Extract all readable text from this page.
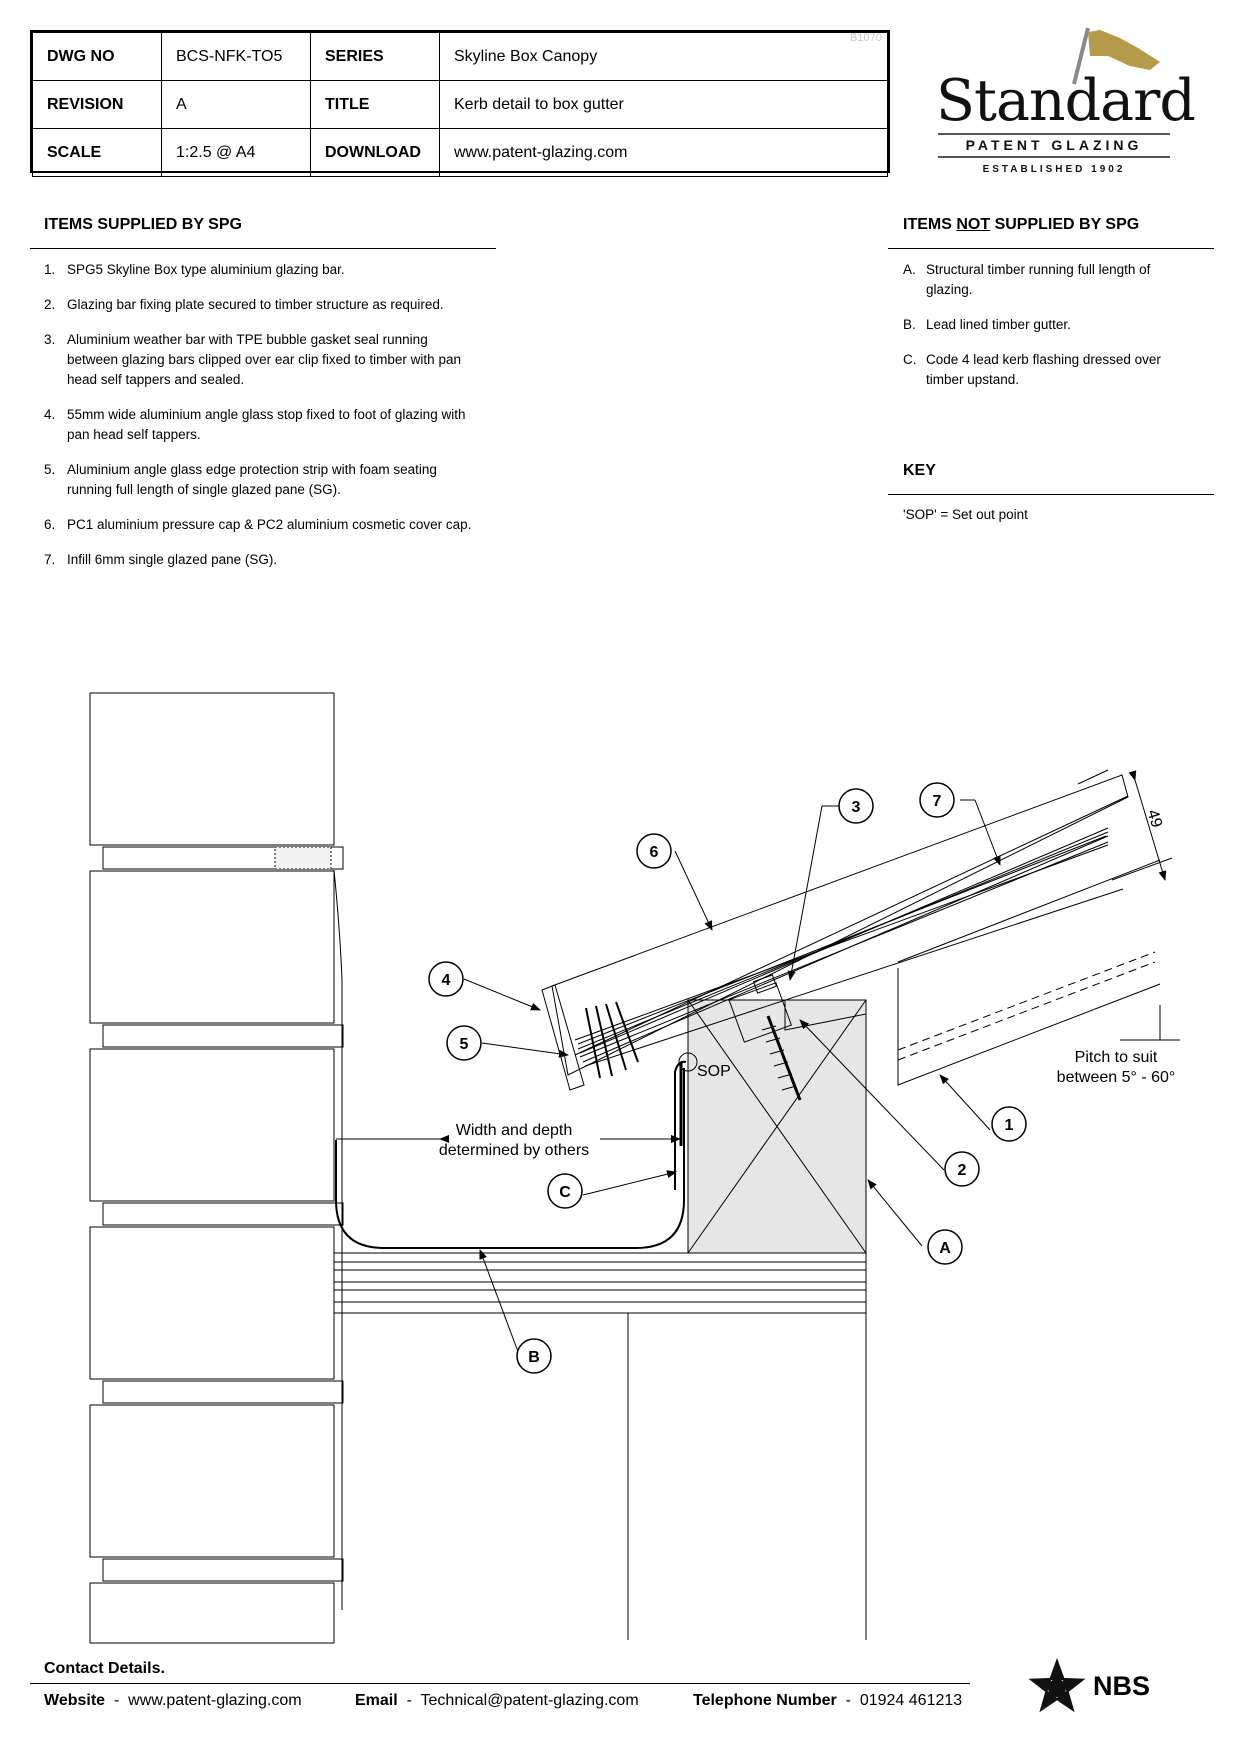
DWG NO	BCS-NFK-TO5	SERIES	Skyline Box Canopy
REVISION	A	TITLE	Kerb detail to box gutter
SCALE	1:2.5 @ A4	DOWNLOAD	www.patent-glazing.com
B1070
Standard
PATENT GLAZING
ESTABLISHED 1902
ITEMS SUPPLIED BY SPG
1. SPG5 Skyline Box type aluminium glazing bar.
2. Glazing bar fixing plate secured to timber structure as required.
3. Aluminium weather bar with TPE bubble gasket seal running
between glazing bars clipped over ear clip fixed to timber with pan
head self tappers and sealed.
4. 55mm wide aluminium angle glass stop fixed to foot of glazing with
pan head self tappers.
5. Aluminium angle glass edge protection strip with foam seating
running full length of single glazed pane (SG).
6. PC1 aluminium pressure cap & PC2 aluminium cosmetic cover cap.
7. Infill 6mm single glazed pane (SG).
ITEMS NOT SUPPLIED BY SPG
A. Structural timber running full length of
glazing.
B. Lead lined timber gutter.
C. Code 4 lead kerb flashing dressed over
timber upstand.
KEY
'SOP' = Set out point
4
5
6
3	7
1
2
A
B
C
SOP
Width and depth
determined by others
Pitch to suit
between 5° - 60°
49
Contact Details.
Website - www.patent-glazing.com	Email - Technical@patent-glazing.com	Telephone Number - 01924 461213	NBS
